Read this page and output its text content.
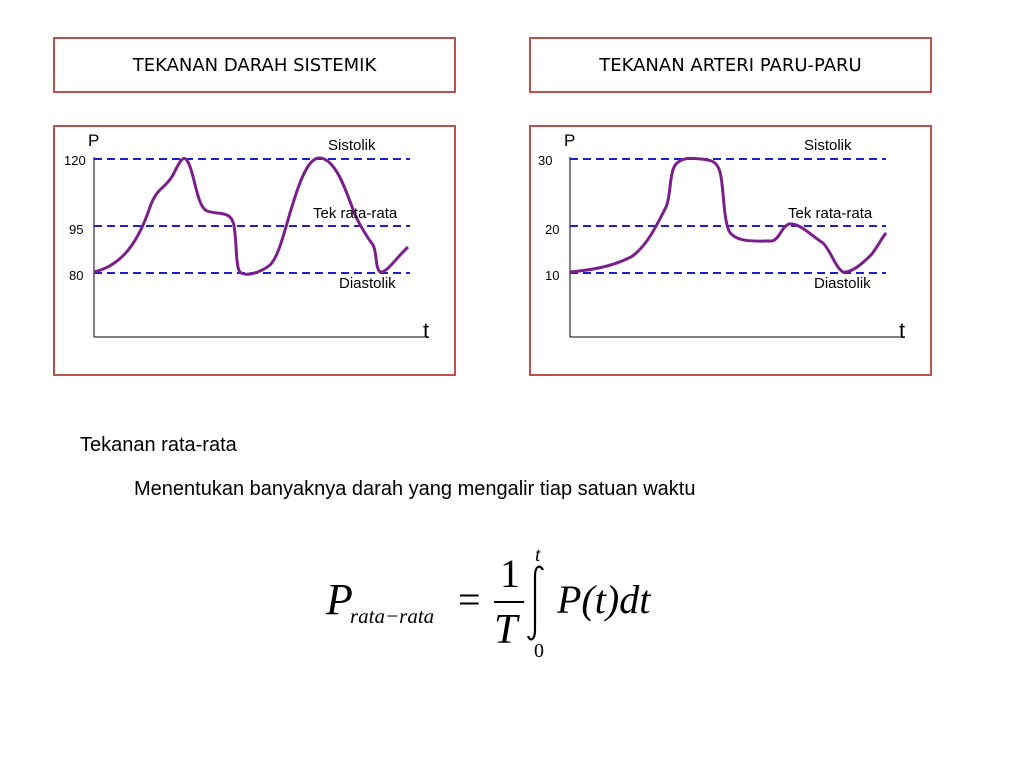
TEKANAN DARAH SISTEMIK	TEKANAN ARTERI PARU-PARU
P
t
120
95
80
Sistolik
Tek rata-rata
Diastolik
P
t
30
20
10
Sistolik
Tek rata-rata
Diastolik
Tekanan rata-rata
Menentukan banyaknya darah yang mengalir tiap satuan waktu
P
rata−rata =
1
T
t
0
P(t)dt
